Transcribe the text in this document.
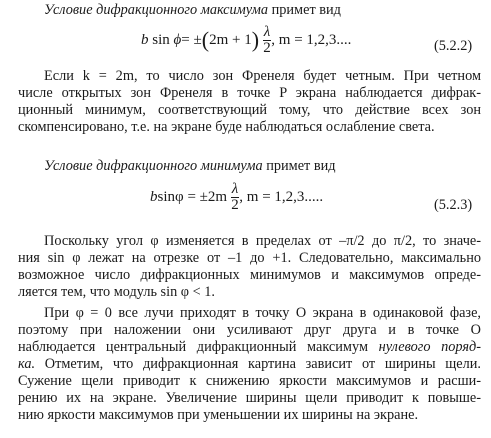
Условие дифракционного максимума примет вид
b $\sin \phi= \pm(2m + 1) \frac{\lambda}{2}$ , m = 1,2,3....	(5.2.2)
Если k = 2m, то число зон Френеля будет четным. При четном
числе открытых зон Френеля в точке P экрана наблюдается дифрак-
ционный минимум, соответствующий тому, что действие всех зон
скомпенсировано, т.е. на экране буде наблюдаться ослабление света.
Условие дифракционного минимума примет вид
$bsin\varphi = \pm 2m \frac{\lambda}{2}$ , m = 1,2,3.....
(5.2.3)
Поскольку угол φ изменяется в пределах от –π/2 до π/2, то значе-
ния sin φ лежат на отрезке от –1 до +1. Следовательно, максимально
возможное число дифракционных минимумов и максимумов опреде-
ляется тем, что модуль sin φ < 1.
При φ = 0 все лучи приходят в точку O экрана в одинаковой фазе,
поэтому при наложении они усиливают друг друга и в точке O
наблюдается центральный дифракционный максимум нулевого поряд-
ка. Отметим, что дифракционная картина зависит от ширины щели.
Сужение щели приводит к снижению яркости максимумов и расши-
рению их на экране. Увеличение ширины щели приводит к повыше-
нию яркости максимумов при уменьшении их ширины на экране.
